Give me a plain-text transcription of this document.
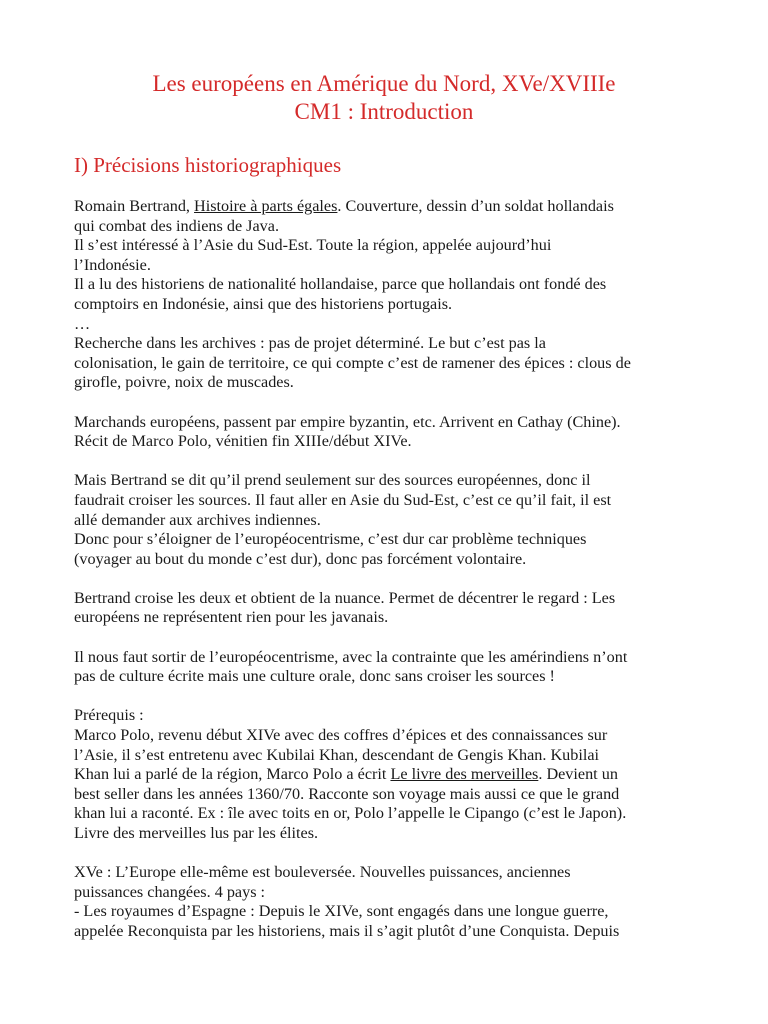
Les européens en Amérique du Nord, XVe/XVIIIe
CM1 : Introduction
I) Précisions historiographiques
Romain Bertrand, Histoire à parts égales. Couverture, dessin d’un soldat hollandais
qui combat des indiens de Java.
Il s’est intéressé à l’Asie du Sud-Est. Toute la région, appelée aujourd’hui
l’Indonésie.
Il a lu des historiens de nationalité hollandaise, parce que hollandais ont fondé des
comptoirs en Indonésie, ainsi que des historiens portugais.
…
Recherche dans les archives : pas de projet déterminé. Le but c’est pas la
colonisation, le gain de territoire, ce qui compte c’est de ramener des épices : clous de
girofle, poivre, noix de muscades.
Marchands européens, passent par empire byzantin, etc. Arrivent en Cathay (Chine).
Récit de Marco Polo, vénitien fin XIIIe/début XIVe.
Mais Bertrand se dit qu’il prend seulement sur des sources européennes, donc il
faudrait croiser les sources. Il faut aller en Asie du Sud-Est, c’est ce qu’il fait, il est
allé demander aux archives indiennes.
Donc pour s’éloigner de l’européocentrisme, c’est dur car problème techniques
(voyager au bout du monde c’est dur), donc pas forcément volontaire.
Bertrand croise les deux et obtient de la nuance. Permet de décentrer le regard : Les
européens ne représentent rien pour les javanais.
Il nous faut sortir de l’européocentrisme, avec la contrainte que les amérindiens n’ont
pas de culture écrite mais une culture orale, donc sans croiser les sources !
Prérequis :
Marco Polo, revenu début XIVe avec des coffres d’épices et des connaissances sur
l’Asie, il s’est entretenu avec Kubilai Khan, descendant de Gengis Khan. Kubilai
Khan lui a parlé de la région, Marco Polo a écrit Le livre des merveilles. Devient un
best seller dans les années 1360/70. Racconte son voyage mais aussi ce que le grand
khan lui a raconté. Ex : île avec toits en or, Polo l’appelle le Cipango (c’est le Japon).
Livre des merveilles lus par les élites.
XVe : L’Europe elle-même est bouleversée. Nouvelles puissances, anciennes
puissances changées. 4 pays :
- Les royaumes d’Espagne : Depuis le XIVe, sont engagés dans une longue guerre,
appelée Reconquista par les historiens, mais il s’agit plutôt d’une Conquista. Depuis
